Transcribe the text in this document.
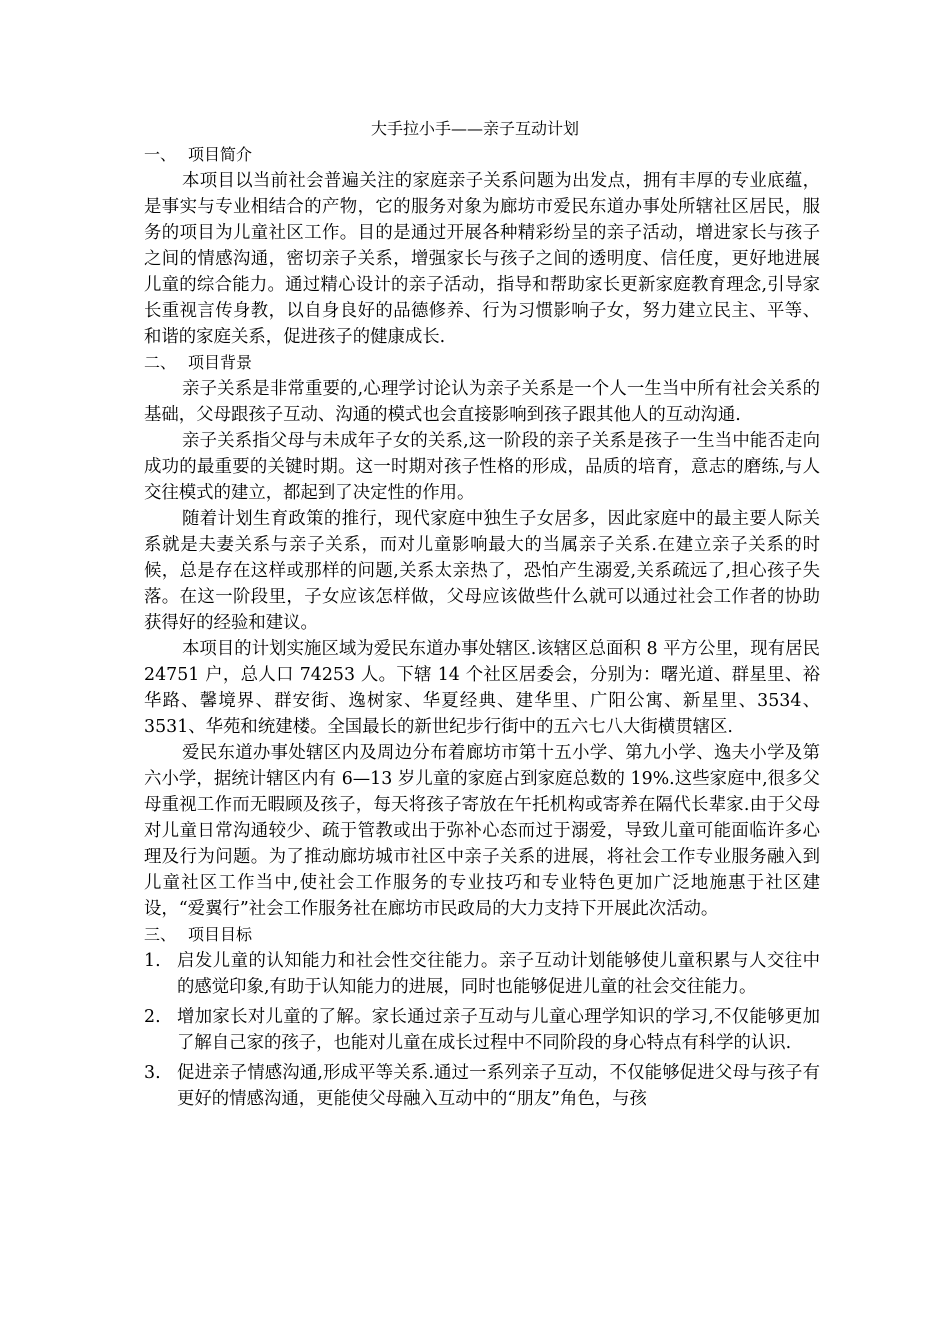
大手拉小手——亲子互动计划
一、 项目简介

本项目以当前社会普遍关注的家庭亲子关系问题为出发点，拥有丰厚的专业底蕴，是事实与专业相结合的产物，它的服务对象为廊坊市爱民东道办事处所辖社区居民，服务的项目为儿童社区工作。目的是通过开展各种精彩纷呈的亲子活动，增进家长与孩子之间的情感沟通，密切亲子关系，增强家长与孩子之间的透明度、信任度，更好地进展儿童的综合能力。通过精心设计的亲子活动，指导和帮助家长更新家庭教育理念,引导家长重视言传身教，以自身良好的品德修养、行为习惯影响子女，努力建立民主、平等、和谐的家庭关系，促进孩子的健康成长.

二、 项目背景

亲子关系是非常重要的,心理学讨论认为亲子关系是一个人一生当中所有社会关系的基础，父母跟孩子互动、沟通的模式也会直接影响到孩子跟其他人的互动沟通.

亲子关系指父母与未成年子女的关系,这一阶段的亲子关系是孩子一生当中能否走向成功的最重要的关键时期。这一时期对孩子性格的形成，品质的培育，意志的磨练,与人交往模式的建立，都起到了决定性的作用。

随着计划生育政策的推行，现代家庭中独生子女居多，因此家庭中的最主要人际关系就是夫妻关系与亲子关系，而对儿童影响最大的当属亲子关系.在建立亲子关系的时候，总是存在这样或那样的问题,关系太亲热了，恐怕产生溺爱,关系疏远了,担心孩子失落。在这一阶段里，子女应该怎样做，父母应该做些什么就可以通过社会工作者的协助获得好的经验和建议。

本项目的计划实施区域为爱民东道办事处辖区.该辖区总面积 8 平方公里，现有居民 24751 户，总人口 74253 人。下辖 14 个社区居委会，分别为：曙光道、群星里、裕华路、馨境界、群安街、逸树家、华夏经典、建华里、广阳公寓、新星里、3534、3531、华苑和统建楼。全国最长的新世纪步行街中的五六七八大街横贯辖区.

爱民东道办事处辖区内及周边分布着廊坊市第十五小学、第九小学、逸夫小学及第六小学，据统计辖区内有 6—13 岁儿童的家庭占到家庭总数的 19%.这些家庭中,很多父母重视工作而无暇顾及孩子，每天将孩子寄放在午托机构或寄养在隔代长辈家.由于父母对儿童日常沟通较少、疏于管教或出于弥补心态而过于溺爱，导致儿童可能面临许多心理及行为问题。为了推动廊坊城市社区中亲子关系的进展，将社会工作专业服务融入到儿童社区工作当中,使社会工作服务的专业技巧和专业特色更加广泛地施惠于社区建设，“爱翼行”社会工作服务社在廊坊市民政局的大力支持下开展此次活动。

三、 项目目标
1. 启发儿童的认知能力和社会性交往能力。亲子互动计划能够使儿童积累与人交往中的感觉印象,有助于认知能力的进展，同时也能够促进儿童的社会交往能力。
2. 增加家长对儿童的了解。家长通过亲子互动与儿童心理学知识的学习,不仅能够更加了解自己家的孩子，也能对儿童在成长过程中不同阶段的身心特点有科学的认识.
3. 促进亲子情感沟通,形成平等关系.通过一系列亲子互动，不仅能够促进父母与孩子有更好的情感沟通，更能使父母融入互动中的“朋友”角色，与孩
